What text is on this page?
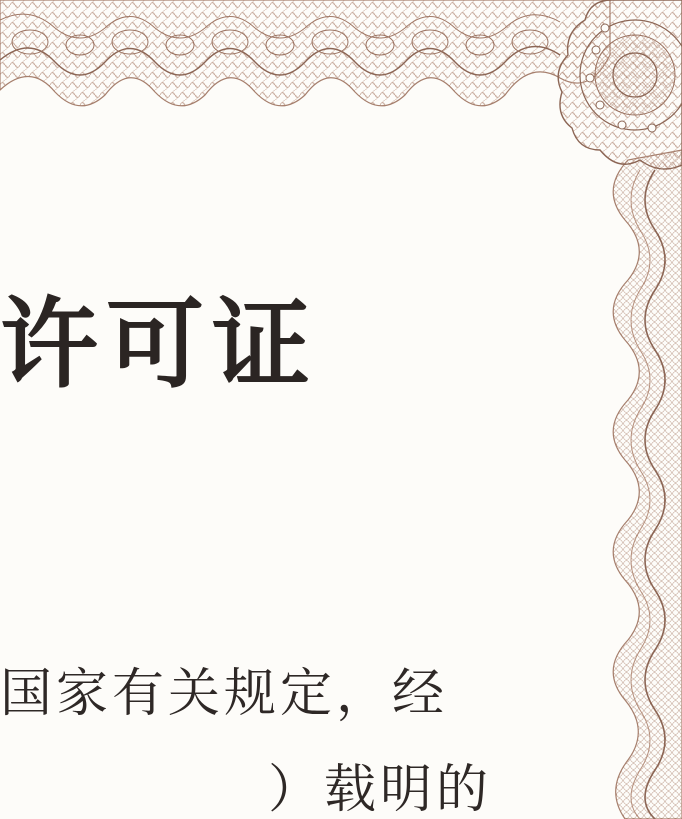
许可证
国家有关规定，经
）载明的
